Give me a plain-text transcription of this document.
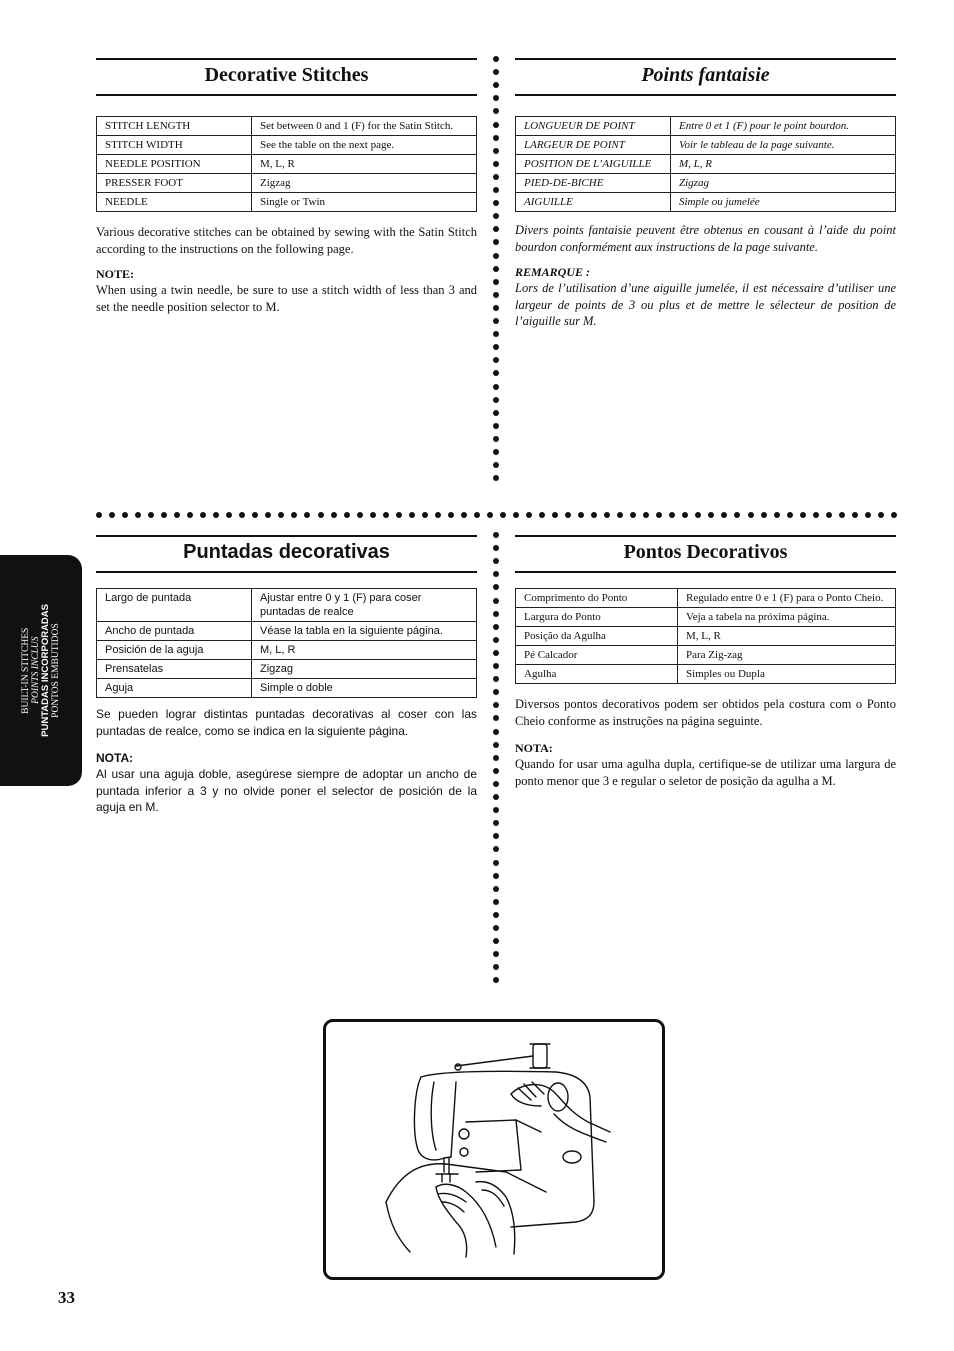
BUILT-IN STITCHES POINTS INCLUS PUNTADAS INCORPORADAS PONTOS EMBUTIDOS
Decorative Stitches
STITCH LENGTH	Set between 0 and 1 (F) for the Satin Stitch.
STITCH WIDTH	See the table on the next page.
NEEDLE POSITION	M, L, R
PRESSER FOOT	Zigzag
NEEDLE	Single or Twin

Various decorative stitches can be obtained by sewing with the Satin Stitch according to the instructions on the following page.

NOTE:

When using a twin needle, be sure to use a stitch width of less than 3 and set the needle position selector to M.

Points fantaisie
LONGUEUR DE POINT	Entre 0 et 1 (F) pour le point bourdon.
LARGEUR DE POINT	Voir le tableau de la page suivante.
POSITION DE L’AIGUILLE	M, L, R
PIED-DE-BICHE	Zigzag
AIGUILLE	Simple ou jumelée

Divers points fantaisie peuvent être obtenus en cousant à l’aide du point bourdon conformément aux instructions de la page suivante.

REMARQUE :

Lors de l’utilisation d’une aiguille jumelée, il est nécessaire d’utiliser une largeur de points de 3 ou plus et de mettre le sélecteur de position de l’aiguille sur M.

Puntadas decorativas
Largo de puntada	Ajustar entre 0 y 1 (F) para coser puntadas de realce
Ancho de puntada	Véase la tabla en la siguiente página.
Posición de la aguja	M, L, R
Prensatelas	Zigzag
Aguja	Simple o doble

Se pueden lograr distintas puntadas decorativas al coser con las puntadas de realce, como se indica en la siguiente página.

NOTA:

Al usar una aguja doble, asegúrese siempre de adoptar un ancho de puntada inferior a 3 y no olvide poner el selector de posición de la aguja en M.

Pontos Decorativos
Comprimento do Ponto	Regulado entre 0 e 1 (F) para o Ponto Cheio.
Largura do Ponto	Veja a tabela na próxima página.
Posição da Agulha	M, L, R
Pé Calcador	Para Zig-zag
Agulha	Simples ou Dupla

Diversos pontos decorativos podem ser obtidos pela costura com o Ponto Cheio conforme as instruções na página seguinte.

NOTA:

Quando for usar uma agulha dupla, certifique-se de utilizar uma largura de ponto menor que 3 e regular o seletor de posição da agulha a M.

33
